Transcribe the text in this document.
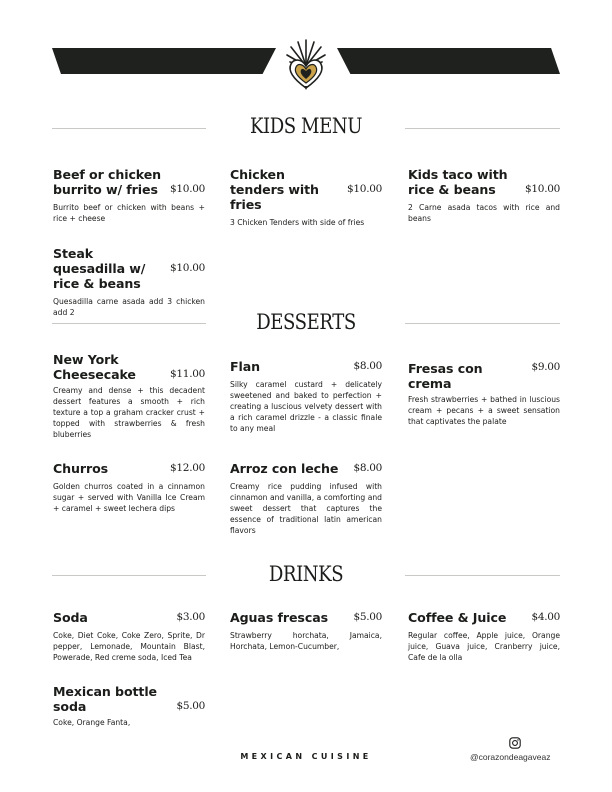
KIDS MENU
$10.00
Beef or chicken burrito w/ fries
Burrito beef or chicken with beans + rice + cheese
$10.00
Chicken tenders with fries
3 Chicken Tenders with side of fries
$10.00
Kids taco with rice & beans
2 Carne asada tacos with rice and beans
$10.00
Steak quesadilla w/ rice & beans
Quesadilla carne asada add 3 chicken add 2	DESSERTS
$11.00
New York Cheesecake
Creamy and dense + this decadent dessert features a smooth + rich texture a top a graham cracker crust + topped with strawberries & fresh bluberries
$8.00
Flan
Silky caramel custard + delicately sweetened and baked to perfection + creating a luscious velvety dessert with a rich caramel drizzle - a classic finale to any meal
$9.00
Fresas con crema
Fresh strawberries + bathed in luscious cream + pecans + a sweet sensation that captivates the palate
$12.00
Churros
Golden churros coated in a cinnamon sugar + served with Vanilla Ice Cream + caramel + sweet lechera dips
$8.00
Arroz con leche
Creamy rice pudding infused with cinnamon and vanilla, a comforting and sweet dessert that captures the essence of traditional latin american flavors
DRINKS
$3.00
Soda
Coke, Diet Coke, Coke Zero, Sprite, Dr pepper, Lemonade, Mountain Blast, Powerade, Red creme soda, Iced Tea
$5.00
Aguas frescas
Strawberry horchata, Jamaica, Horchata, Lemon-Cucumber,
$4.00
Coffee & Juice
Regular coffee, Apple juice, Orange juice, Guava juice, Cranberry juice, Cafe de la olla
$5.00
Mexican bottle soda
Coke, Orange Fanta,
MEXICAN CUISINE	@corazondeagaveaz
